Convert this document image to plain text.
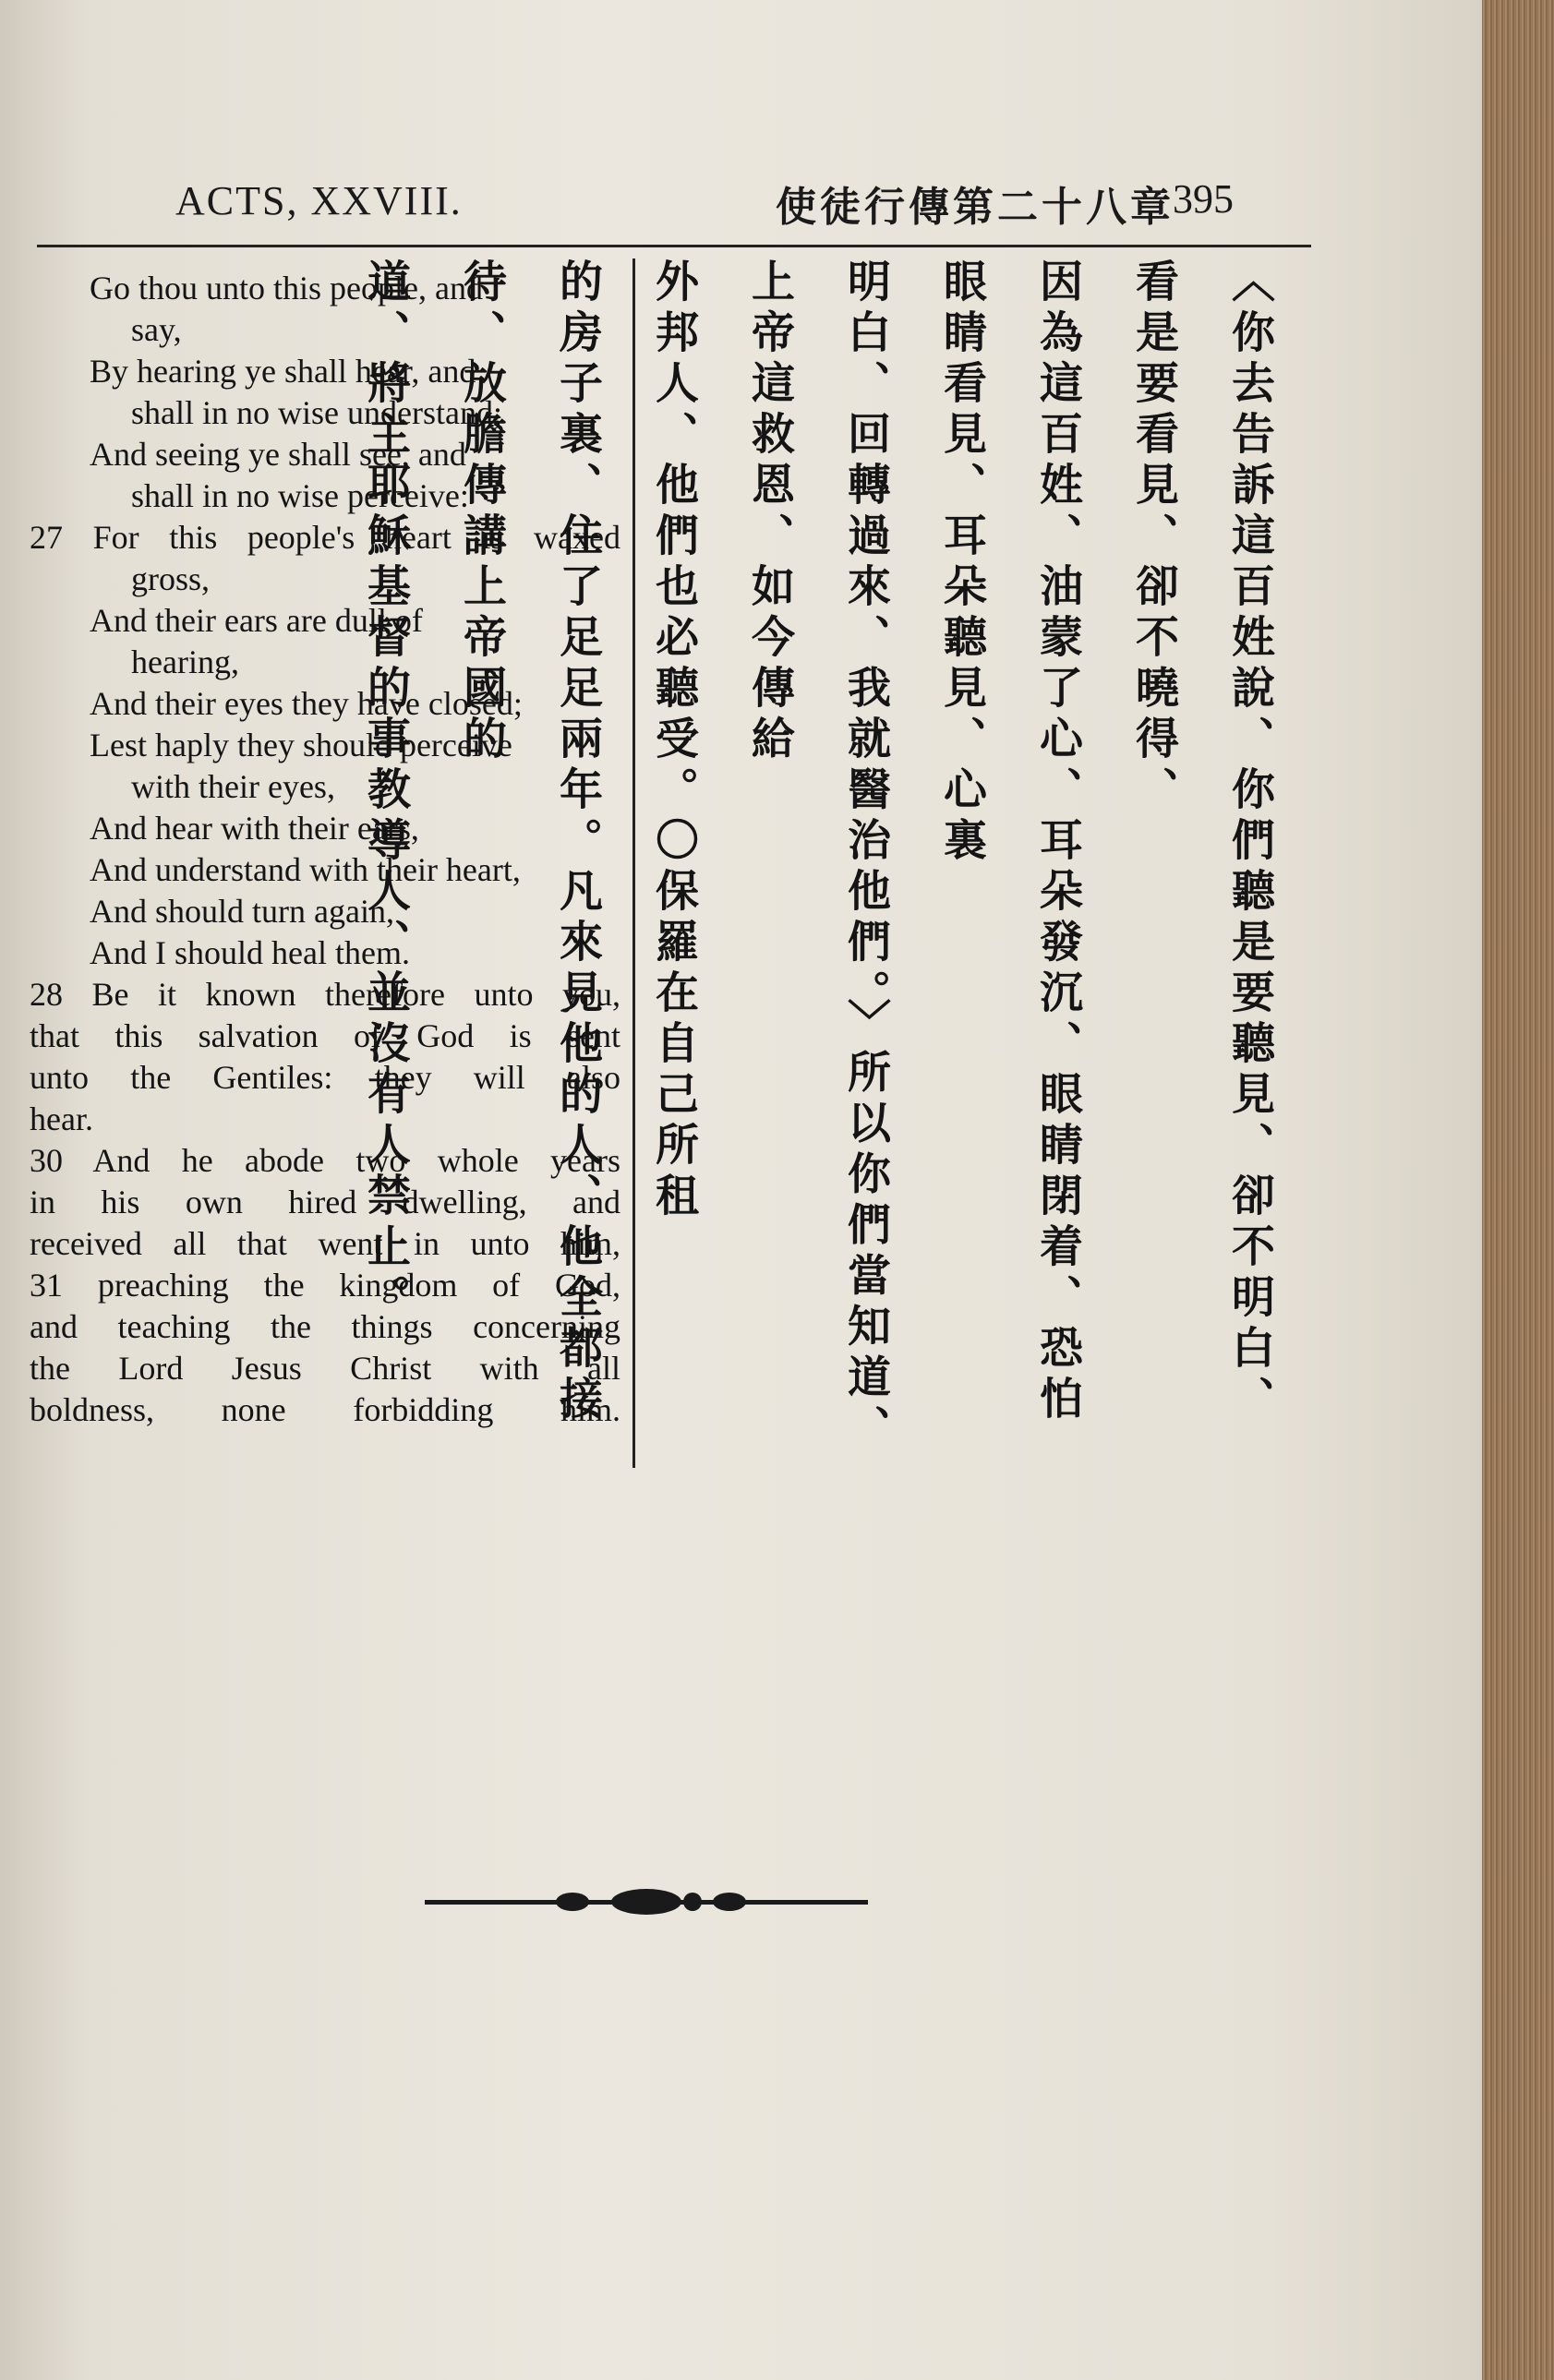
ACTS, XXVIII.	使徒行傳第二十八章
395
Go thou unto this people, and
say,
By hearing ye shall hear, and
shall in no wise understand;
And seeing ye shall see, and
shall in no wise perceive:
27 For this people's heart is waxed
gross,
And their ears are dull of
hearing,
And their eyes they have closed;
Lest haply they should perceive
with their eyes,
And hear with their ears,
And understand with their heart,
And should turn again,
And I should heal them.
28 Be it known therefore unto you,
that this salvation of God is sent
unto the Gentiles: they will also
hear.
30 And he abode two whole years
in his own hired dwelling, and
received all that went in unto him,
31 preaching the kingdom of God,
and teaching the things concerning
the Lord Jesus Christ with all
boldness, none forbidding him.	〈你去告訴這百姓說、你們聽是要聽見、卻不明白、看是要看見、卻不曉得、
因為這百姓、油蒙了心、耳朵發沉、眼睛閉着、恐怕眼睛看見、耳朵聽見、心裏
明白、回轉過來、我就醫治他們。〉所以你們當知道、上帝這救恩、如今傳給
外邦人、他們也必聽受。〇保羅在自己所租
的房子裏、住了足足兩年。凡來見他的人、他全都接待、放膽傳講上帝國的
道、將主耶穌基督的事教導人、並沒有人禁止。
